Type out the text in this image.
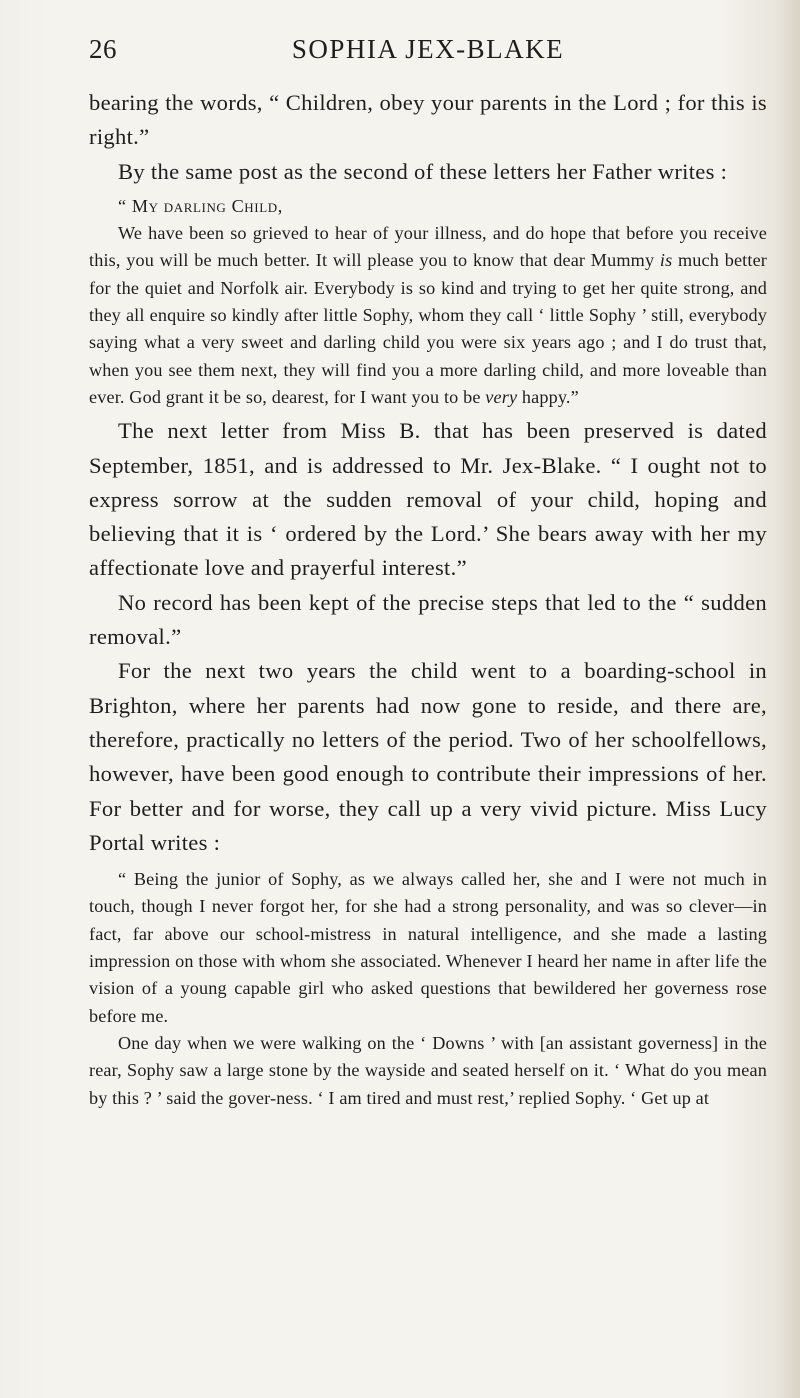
26	SOPHIA JEX-BLAKE

bearing the words, “ Children, obey your parents in the Lord ; for this is right.”

By the same post as the second of these letters her Father writes :

“ My darling Child,

We have been so grieved to hear of your illness, and do hope that before you receive this, you will be much better. It will please you to know that dear Mummy is much better for the quiet and Norfolk air. Everybody is so kind and trying to get her quite strong, and they all enquire so kindly after little Sophy, whom they call ‘ little Sophy ’ still, everybody saying what a very sweet and darling child you were six years ago ; and I do trust that, when you see them next, they will find you a more darling child, and more loveable than ever. God grant it be so, dearest, for I want you to be very happy.”

The next letter from Miss B. that has been preserved is dated September, 1851, and is addressed to Mr. Jex-Blake. “ I ought not to express sorrow at the sudden removal of your child, hoping and believing that it is ‘ ordered by the Lord.’ She bears away with her my affectionate love and prayerful interest.”

No record has been kept of the precise steps that led to the “ sudden removal.”

For the next two years the child went to a boarding-school in Brighton, where her parents had now gone to reside, and there are, therefore, practically no letters of the period. Two of her schoolfellows, however, have been good enough to contribute their impressions of her. For better and for worse, they call up a very vivid picture. Miss Lucy Portal writes :

“ Being the junior of Sophy, as we always called her, she and I were not much in touch, though I never forgot her, for she had a strong personality, and was so clever—in fact, far above our school-mistress in natural intelligence, and she made a lasting impression on those with whom she associated. Whenever I heard her name in after life the vision of a young capable girl who asked questions that bewildered her governess rose before me.

One day when we were walking on the ‘ Downs ’ with [an assistant governess] in the rear, Sophy saw a large stone by the wayside and seated herself on it. ‘ What do you mean by this ? ’ said the gover-ness. ‘ I am tired and must rest,’ replied Sophy. ‘ Get up at
